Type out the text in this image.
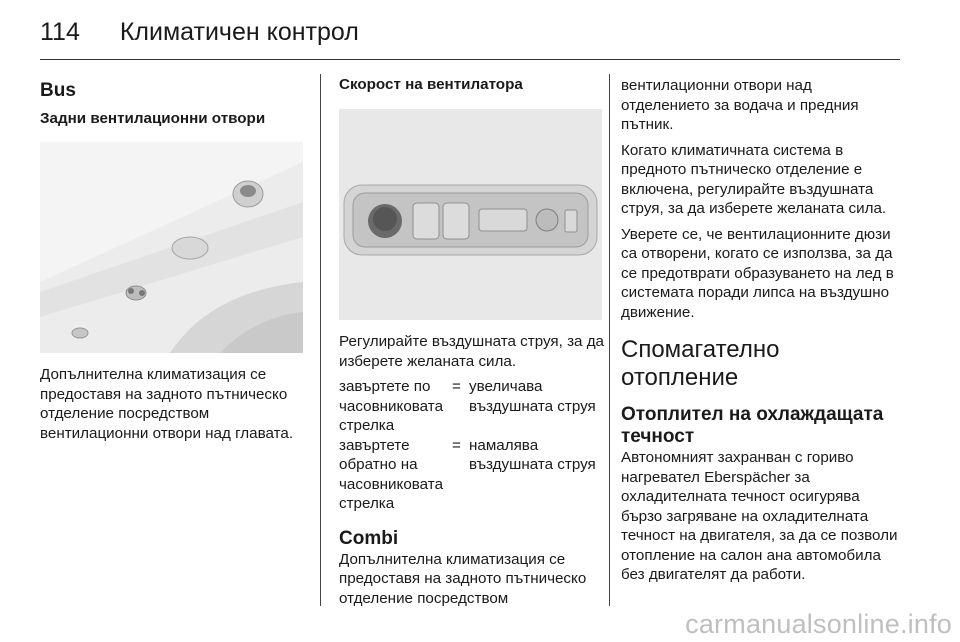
114 Климатичен контрол
Bus
Задни вентилационни отвори

Допълнителна климатизация се предоставя на задното пътническо отделение посредством вентилационни отвори над главата.

Скорост на вентилатора

Регулирайте въздушната струя, за да изберете желаната сила.

завъртете по часовниковата стрелка
= увеличава въздушната струя
завъртете обратно на часовниковата стрелка
= намалява въздушната струя
Combi

Допълнителна климатизация се предоставя на задното пътническо отделение посредством

вентилационни отвори над отделението за водача и предния пътник.

Когато климатичната система в предното пътническо отделение е включена, регулирайте въздушната струя, за да изберете желаната сила.

Уверете се, че вентилационните дюзи са отворени, когато се използва, за да се предотврати образуването на лед в системата поради липса на въздушно движение.

Спомагателно отопление
Отоплител на охлаждащата течност

Автономният захранван с гориво нагревател Eberspächer за охладителната течност осигурява бързо загряване на охладителната течност на двигателя, за да се позволи отопление на салон ана автомобила без двигателят да работи.

carmanualsonline.info
